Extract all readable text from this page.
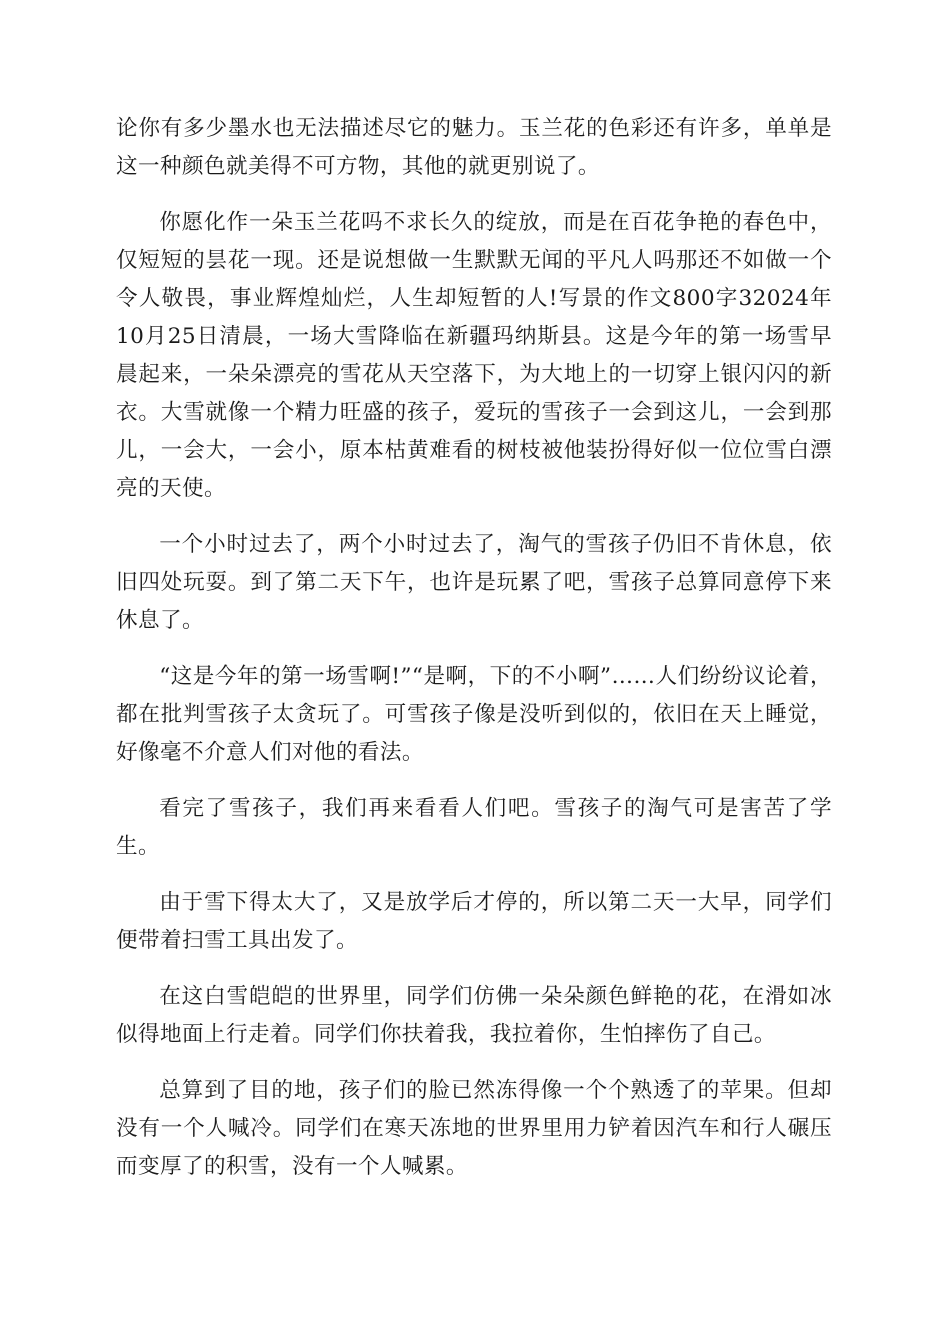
论你有多少墨水也无法描述尽它的魅力。玉兰花的色彩还有许多，单单是这一种颜色就美得不可方物，其他的就更别说了。

你愿化作一朵玉兰花吗不求长久的绽放，而是在百花争艳的春色中，仅短短的昙花一现。还是说想做一生默默无闻的平凡人吗那还不如做一个令人敬畏，事业辉煌灿烂，人生却短暂的人!写景的作文800字32024年10月25日清晨，一场大雪降临在新疆玛纳斯县。这是今年的第一场雪早晨起来，一朵朵漂亮的雪花从天空落下，为大地上的一切穿上银闪闪的新衣。大雪就像一个精力旺盛的孩子，爱玩的雪孩子一会到这儿，一会到那儿，一会大，一会小，原本枯黄难看的树枝被他装扮得好似一位位雪白漂亮的天使。

一个小时过去了，两个小时过去了，淘气的雪孩子仍旧不肯休息，依旧四处玩耍。到了第二天下午，也许是玩累了吧，雪孩子总算同意停下来休息了。

“这是今年的第一场雪啊!”“是啊，下的不小啊”……人们纷纷议论着，都在批判雪孩子太贪玩了。可雪孩子像是没听到似的，依旧在天上睡觉，好像毫不介意人们对他的看法。

看完了雪孩子，我们再来看看人们吧。雪孩子的淘气可是害苦了学生。

由于雪下得太大了，又是放学后才停的，所以第二天一大早，同学们便带着扫雪工具出发了。

在这白雪皑皑的世界里，同学们仿佛一朵朵颜色鲜艳的花，在滑如冰似得地面上行走着。同学们你扶着我，我拉着你，生怕摔伤了自己。

总算到了目的地，孩子们的脸已然冻得像一个个熟透了的苹果。但却没有一个人喊冷。同学们在寒天冻地的世界里用力铲着因汽车和行人碾压而变厚了的积雪，没有一个人喊累。
